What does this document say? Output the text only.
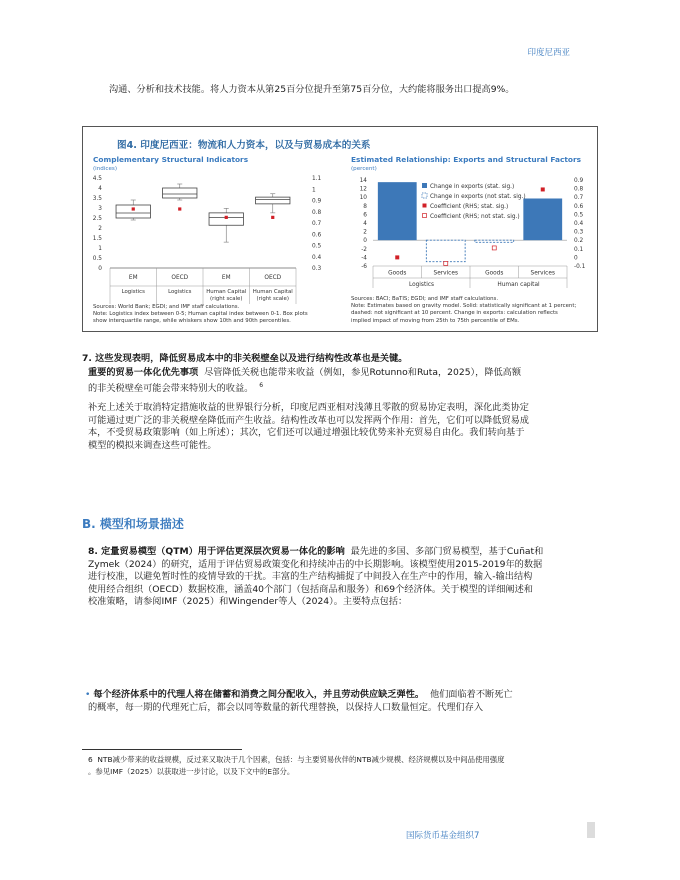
印度尼西亚
沟通、分析和技术技能。将人力资本从第25百分位提升至第75百分位，大约能将服务出口提高9%。
图4. 印度尼西亚：物流和人力资本，以及与贸易成本的关系
Complementary Structural Indicators
(indices)
Estimated Relationship: Exports and Structural Factors
(percent)
4.5
4
3.5
3
2.5
2
1.5
1
0.5
0
1.1
1
0.9
0.8
0.7
0.6
0.5
0.4
0.3
EM	OECD	EM	OECD
Logistics	Logistics	Human Capital
(right scale)
Human Capital
(right scale)
14
12
10
8
6
4
2
0
-2
-4
-6
0.9
0.8
0.7
0.6
0.5
0.4
0.3
0.2
0.1
0
-0.1
Change in exports (stat. sig.)
Change in exports (not stat. sig.)
Coefficient (RHS; stat. sig.)
Coefficient (RHS; not stat. sig.)
Goods	Services	Goods	Services
Logistics	Human capital
Sources: World Bank; EGDI; and IMF staff calculations.
Note: Logistics index between 0-5; Human capital index between 0-1. Box plots
show interquartile range, while whiskers show 10th and 90th percentiles.
Sources: BACI; BaTIS; EGDI; and IMF staff calculations.
Note: Estimates based on gravity model. Solid: statistically significant at 1 percent;
dashed: not significant at 10 percent. Change in exports: calculation reflects
implied impact of moving from 25th to 75th percentile of EMs.
7. 这些发现表明，降低贸易成本中的非关税壁垒以及进行结构性改革也是关键。
重要的贸易一体化优先事项 尽管降低关税也能带来收益（例如，参见Rotunno和Ruta，2025），降低高额
的非关税壁垒可能会带来特别大的收益。 $^6$
补充上述关于取消特定措施收益的世界银行分析，印度尼西亚相对浅薄且零散的贸易协定表明，深化此类协定
可能通过更广泛的非关税壁垒降低而产生收益。结构性改革也可以发挥两个作用：首先，它们可以降低贸易成
本，不受贸易政策影响（如上所述）；其次，它们还可以通过增强比较优势来补充贸易自由化。我们转向基于
模型的模拟来调查这些可能性。
B. 模型和场景描述
8. 定量贸易模型（QTM）用于评估更深层次贸易一体化的影响 最先进的多国、多部门贸易模型，基于Cuñat和
Zymek（2024）的研究，适用于评估贸易政策变化和持续冲击的中长期影响。该模型使用2015-2019年的数据
进行校准，以避免暂时性的疫情导致的干扰。丰富的生产结构捕捉了中间投入在生产中的作用，输入-输出结构
使用经合组织（OECD）数据校准，涵盖40个部门（包括商品和服务）和69个经济体。关于模型的详细阐述和
校准策略，请参阅IMF（2025）和Wingender等人（2024）。主要特点包括：
• 每个经济体系中的代理人将在储蓄和消费之间分配收入，并且劳动供应缺乏弹性。 他们面临着不断死亡
的概率，每一期的代理死亡后，都会以同等数量的新代理替换，以保持人口数量恒定。代理们存入
6 NTB减少带来的收益规模，反过来又取决于几个因素，包括：与主要贸易伙伴的NTB减少规模、经济规模以及中间品使用强度
。参见IMF（2025）以获取进一步讨论，以及下文中的E部分。
国际货币基金组织7
